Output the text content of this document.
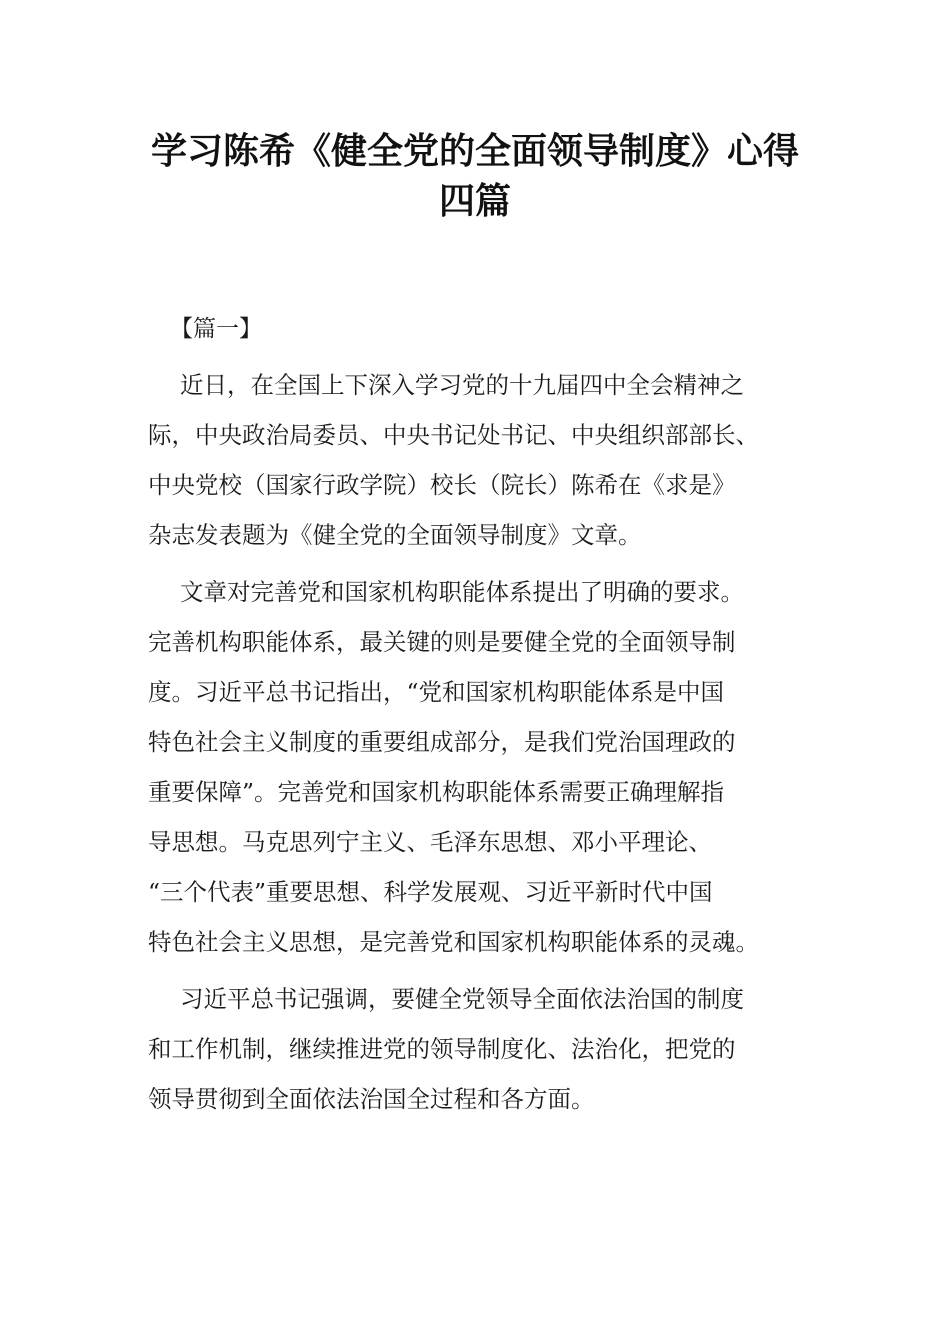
学习陈希《健全党的全面领导制度》心得
四篇

【篇一】

近日，在全国上下深入学习党的十九届四中全会精神之
际，中央政治局委员、中央书记处书记、中央组织部部长、
中央党校（国家行政学院）校长（院长）陈希在《求是》
杂志发表题为《健全党的全面领导制度》文章。
文章对完善党和国家机构职能体系提出了明确的要求。
完善机构职能体系，最关键的则是要健全党的全面领导制
度。习近平总书记指出，“党和国家机构职能体系是中国
特色社会主义制度的重要组成部分，是我们党治国理政的
重要保障”。完善党和国家机构职能体系需要正确理解指
导思想。马克思列宁主义、毛泽东思想、邓小平理论、
“三个代表”重要思想、科学发展观、习近平新时代中国
特色社会主义思想，是完善党和国家机构职能体系的灵魂。
习近平总书记强调，要健全党领导全面依法治国的制度
和工作机制，继续推进党的领导制度化、法治化，把党的
领导贯彻到全面依法治国全过程和各方面。
